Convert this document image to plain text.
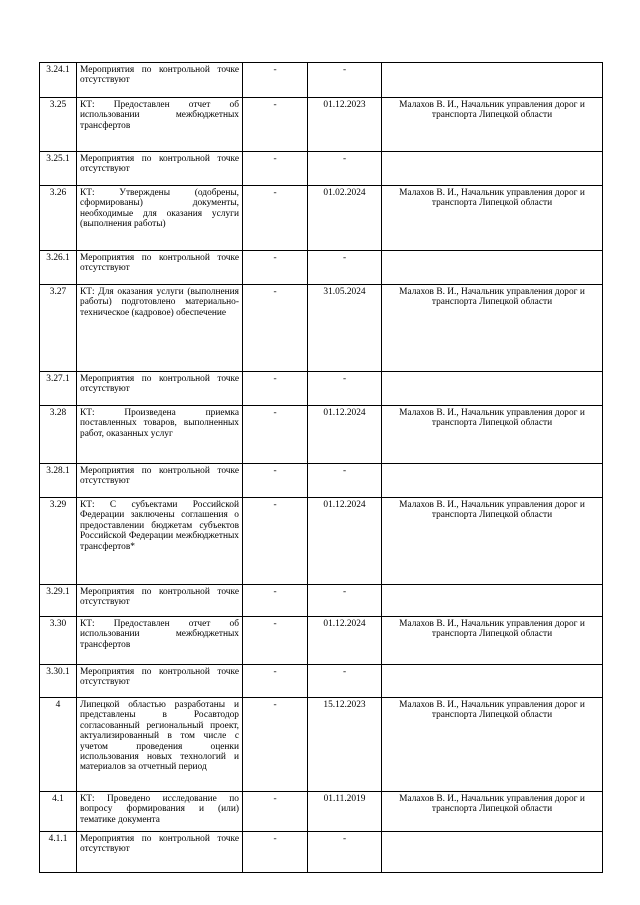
3.24.1	Мероприятия по контрольной точке отсутствуют	-	-	
3.25	КТ: Предоставлен отчет об использовании межбюджетных трансфертов	-	01.12.2023	Малахов В. И., Начальник управления дорог и транспорта Липецкой области
3.25.1	Мероприятия по контрольной точке отсутствуют	-	-	
3.26	КТ: Утверждены (одобрены, сформированы) документы, необходимые для оказания услуги (выполнения работы)	-	01.02.2024	Малахов В. И., Начальник управления дорог и транспорта Липецкой области
3.26.1	Мероприятия по контрольной точке отсутствуют	-	-	
3.27	КТ: Для оказания услуги (выполнения работы) подготовлено материально-техническое (кадровое) обеспечение	-	31.05.2024	Малахов В. И., Начальник управления дорог и транспорта Липецкой области
3.27.1	Мероприятия по контрольной точке отсутствуют	-	-	
3.28	КТ: Произведена приемка поставленных товаров, выполненных работ, оказанных услуг	-	01.12.2024	Малахов В. И., Начальник управления дорог и транспорта Липецкой области
3.28.1	Мероприятия по контрольной точке отсутствуют	-	-	
3.29	КТ: С субъектами Российской Федерации заключены соглашения о предоставлении бюджетам субъектов Российской Федерации межбюджетных трансфертов*	-	01.12.2024	Малахов В. И., Начальник управления дорог и транспорта Липецкой области
3.29.1	Мероприятия по контрольной точке отсутствуют	-	-	
3.30	КТ: Предоставлен отчет об использовании межбюджетных трансфертов	-	01.12.2024	Малахов В. И., Начальник управления дорог и транспорта Липецкой области
3.30.1	Мероприятия по контрольной точке отсутствуют	-	-	
4	Липецкой областью разработаны и представлены в Росавтодор согласованный региональный проект, актуализированный в том числе с учетом проведения оценки использования новых технологий и материалов за отчетный период	-	15.12.2023	Малахов В. И., Начальник управления дорог и транспорта Липецкой области
4.1	КТ: Проведено исследование по вопросу формирования и (или) тематике документа	-	01.11.2019	Малахов В. И., Начальник управления дорог и транспорта Липецкой области
4.1.1	Мероприятия по контрольной точке отсутствуют	-	-	
